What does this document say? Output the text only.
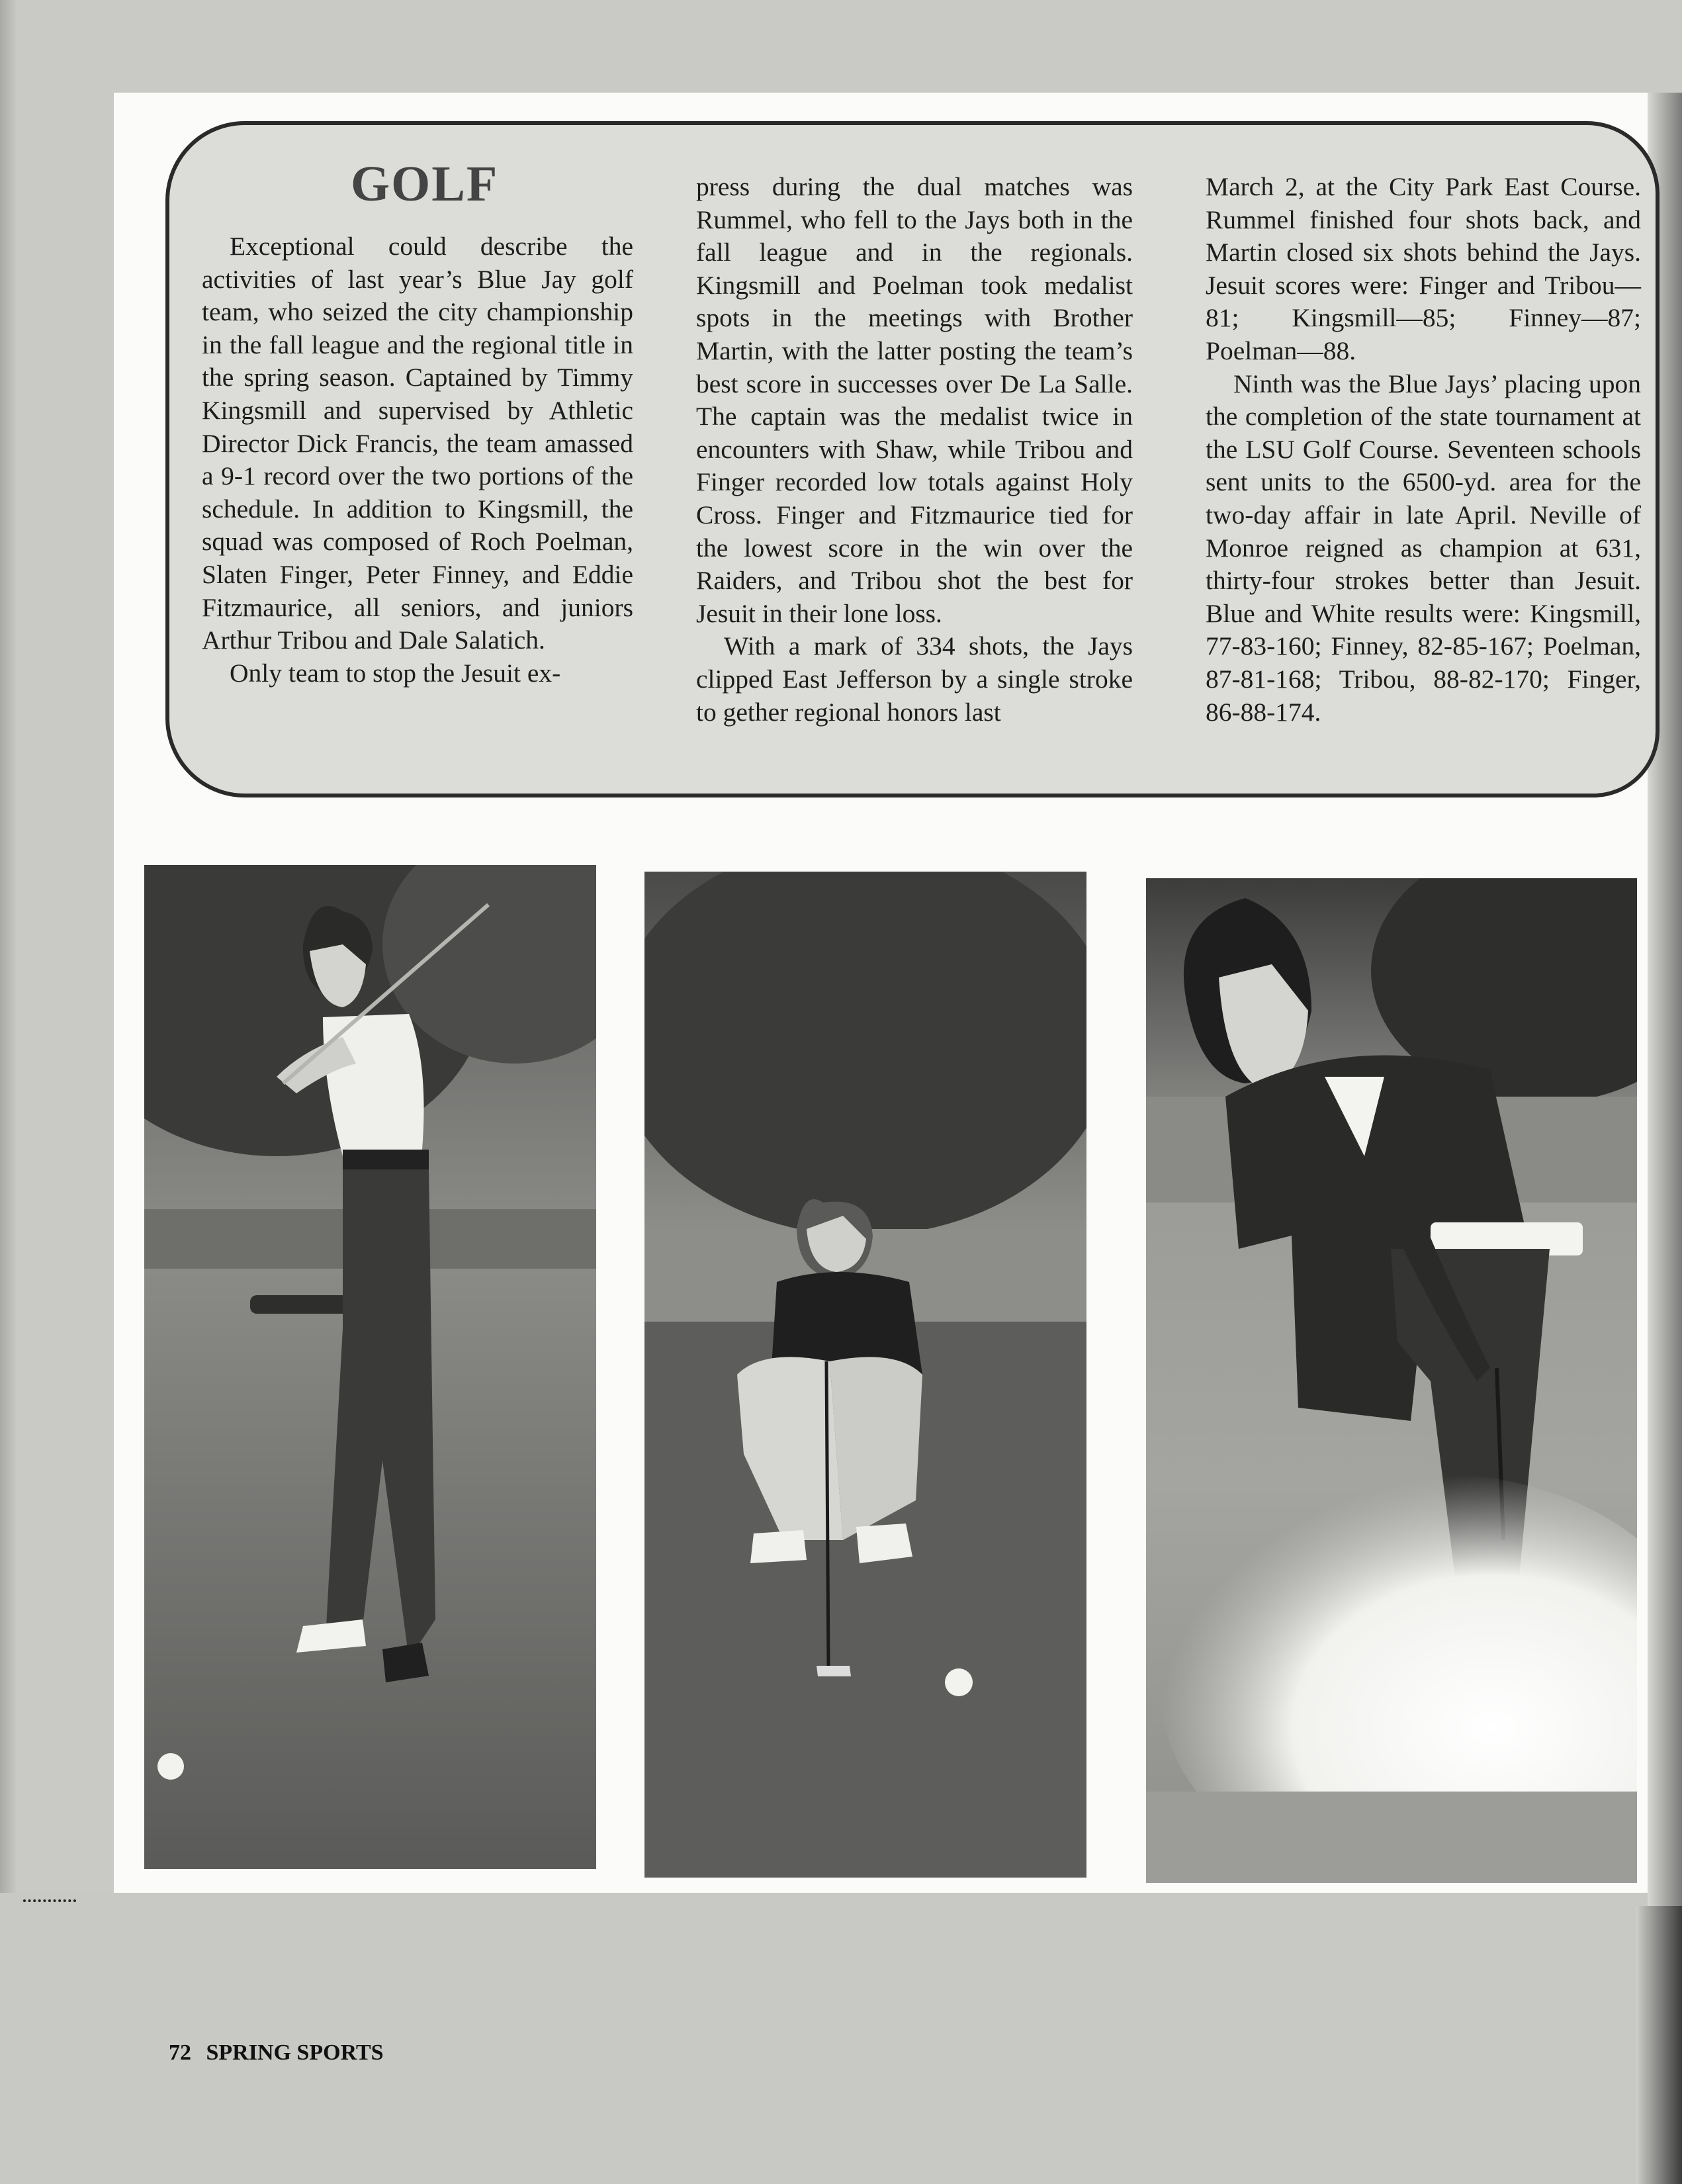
GOLF

Exceptional could describe the activities of last year’s Blue Jay golf team, who seized the city championship in the fall league and the regional title in the spring season. Captained by Timmy Kingsmill and supervised by Athletic Director Dick Francis, the team amassed a 9-1 record over the two portions of the schedule. In addition to Kingsmill, the squad was composed of Roch Poelman, Slaten Finger, Peter Finney, and Eddie Fitzmaurice, all seniors, and juniors Arthur Tribou and Dale Salatich.

Only team to stop the Jesuit ex-

press during the dual matches was Rummel, who fell to the Jays both in the fall league and in the regionals. Kingsmill and Poelman took medalist spots in the meetings with Brother Martin, with the latter posting the team’s best score in successes over De La Salle. The captain was the medalist twice in encounters with Shaw, while Tribou and Finger recorded low totals against Holy Cross. Finger and Fitzmaurice tied for the lowest score in the win over the Raiders, and Tribou shot the best for Jesuit in their lone loss.

With a mark of 334 shots, the Jays clipped East Jefferson by a single stroke to gether regional honors last

March 2, at the City Park East Course. Rummel finished four shots back, and Martin closed six shots behind the Jays. Jesuit scores were: Finger and Tribou—81; Kingsmill—85; Finney—87; Poelman—88.

Ninth was the Blue Jays’ placing upon the completion of the state tournament at the LSU Golf Course. Seventeen schools sent units to the 6500-yd. area for the two-day affair in late April. Neville of Monroe reigned as champion at 631, thirty-four strokes better than Jesuit. Blue and White results were: Kingsmill, 77-83-160; Finney, 82-85-167; Poelman, 87-81-168; Tribou, 88-82-170; Finger, 86-88-174.

72 SPRING SPORTS
